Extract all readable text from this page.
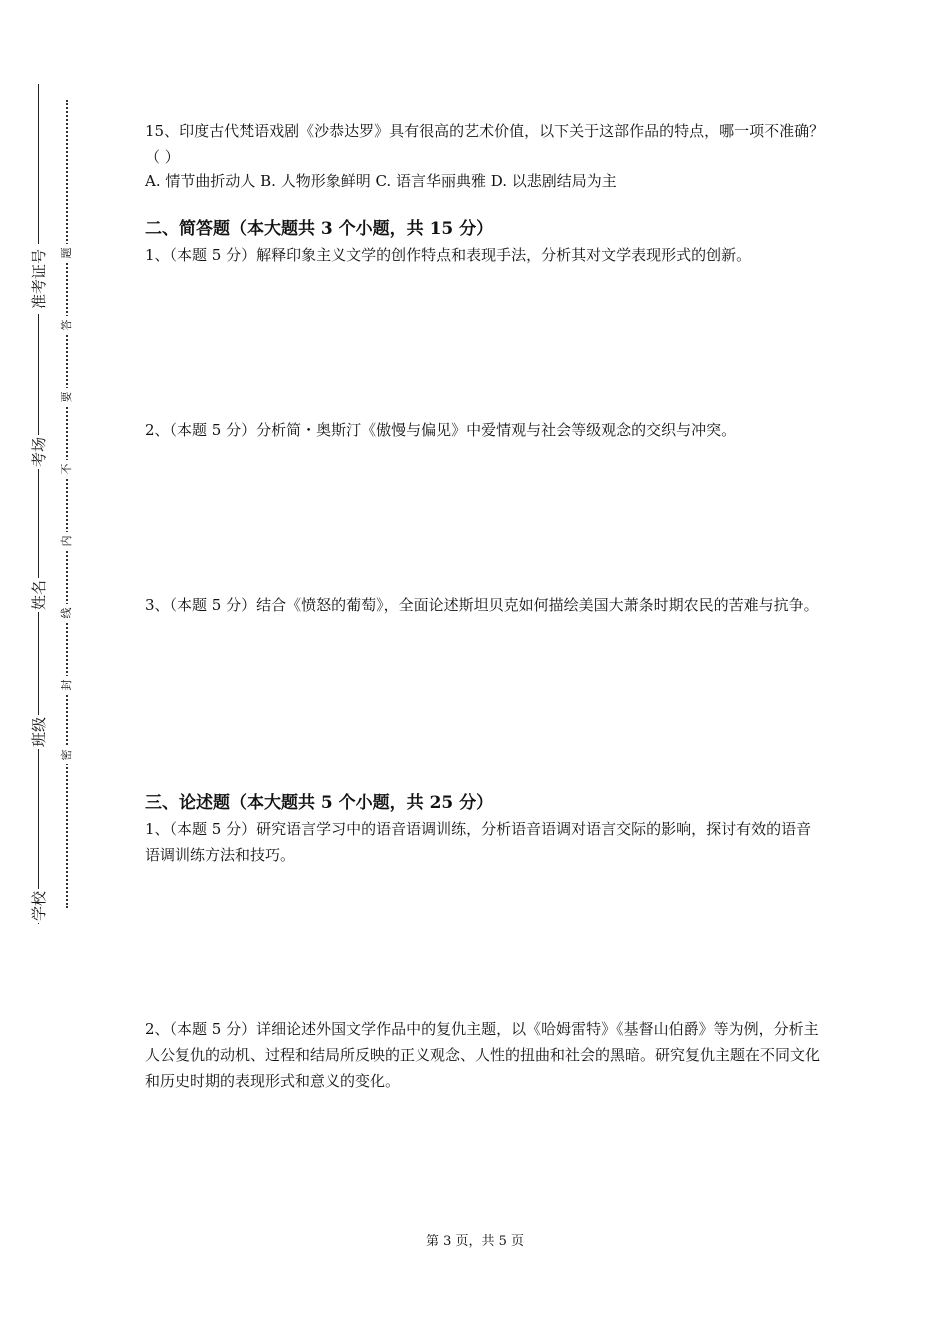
学校
班级
姓名
考场
准考证号
密
封
线
内
不
要
答
题

15、印度古代梵语戏剧《沙恭达罗》具有很高的艺术价值，以下关于这部作品的特点，哪一项不准确？（ ）

A. 情节曲折动人 B. 人物形象鲜明 C. 语言华丽典雅 D. 以悲剧结局为主

二、简答题（本大题共 3 个小题，共 15 分）

1、（本题 5 分）解释印象主义文学的创作特点和表现手法，分析其对文学表现形式的创新。

2、（本题 5 分）分析简・奥斯汀《傲慢与偏见》中爱情观与社会等级观念的交织与冲突。

3、（本题 5 分）结合《愤怒的葡萄》，全面论述斯坦贝克如何描绘美国大萧条时期农民的苦难与抗争。

三、论述题（本大题共 5 个小题，共 25 分）

1、（本题 5 分）研究语言学习中的语音语调训练，分析语音语调对语言交际的影响，探讨有效的语音语调训练方法和技巧。

2、（本题 5 分）详细论述外国文学作品中的复仇主题，以《哈姆雷特》《基督山伯爵》等为例，分析主人公复仇的动机、过程和结局所反映的正义观念、人性的扭曲和社会的黑暗。研究复仇主题在不同文化和历史时期的表现形式和意义的变化。

第 3 页，共 5 页
